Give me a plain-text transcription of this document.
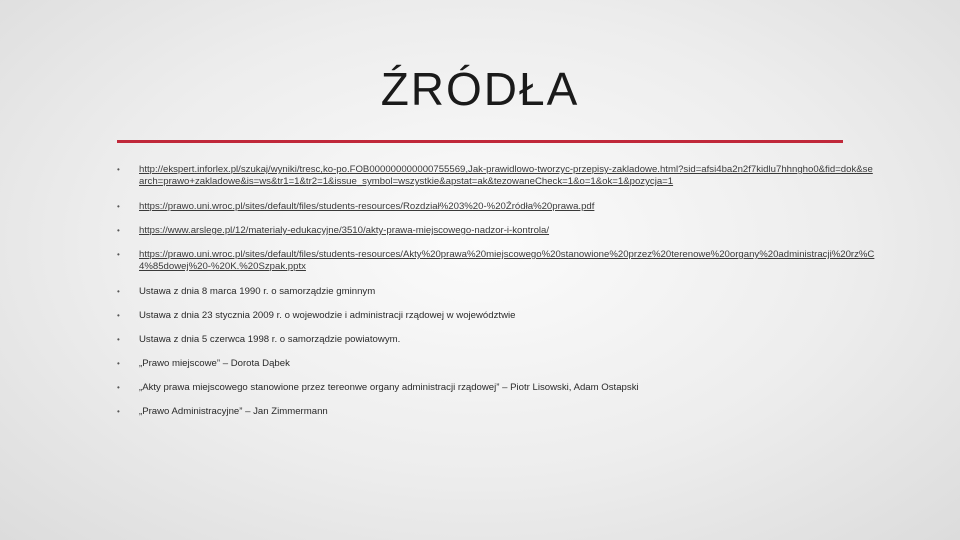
ŹRÓDŁA
• http://ekspert.inforlex.pl/szukaj/wyniki/tresc,ko-po.FOB000000000000755569,Jak-prawidlowo-tworzyc-przepisy-zakladowe.html?sid=afsi4ba2n2f7kidlu7hhngho0&fid=dok&search=prawo+zakladowe&is=ws&tr1=1&tr2=1&issue_symbol=wszystkie&apstat=ak&tezowaneCheck=1&o=1&ok=1&pozycja=1
• https://prawo.uni.wroc.pl/sites/default/files/students-resources/Rozdział%203%20-%20Źródła%20prawa.pdf
• https://www.arslege.pl/12/materialy-edukacyjne/3510/akty-prawa-miejscowego-nadzor-i-kontrola/
• https://prawo.uni.wroc.pl/sites/default/files/students-resources/Akty%20prawa%20miejscowego%20stanowione%20przez%20terenowe%20organy%20administracji%20rz%C4%85dowej%20-%20K.%20Szpak.pptx
• Ustawa z dnia 8 marca 1990 r. o samorządzie gminnym
• Ustawa z dnia 23 stycznia 2009 r. o wojewodzie i administracji rządowej w województwie
• Ustawa z dnia 5 czerwca 1998 r. o samorządzie powiatowym.
• „Prawo miejscowe” – Dorota Dąbek
• „Akty prawa miejscowego stanowione przez tereonwe organy administracji rządowej” – Piotr Lisowski, Adam Ostapski
• „Prawo Administracyjne” – Jan Zimmermann
